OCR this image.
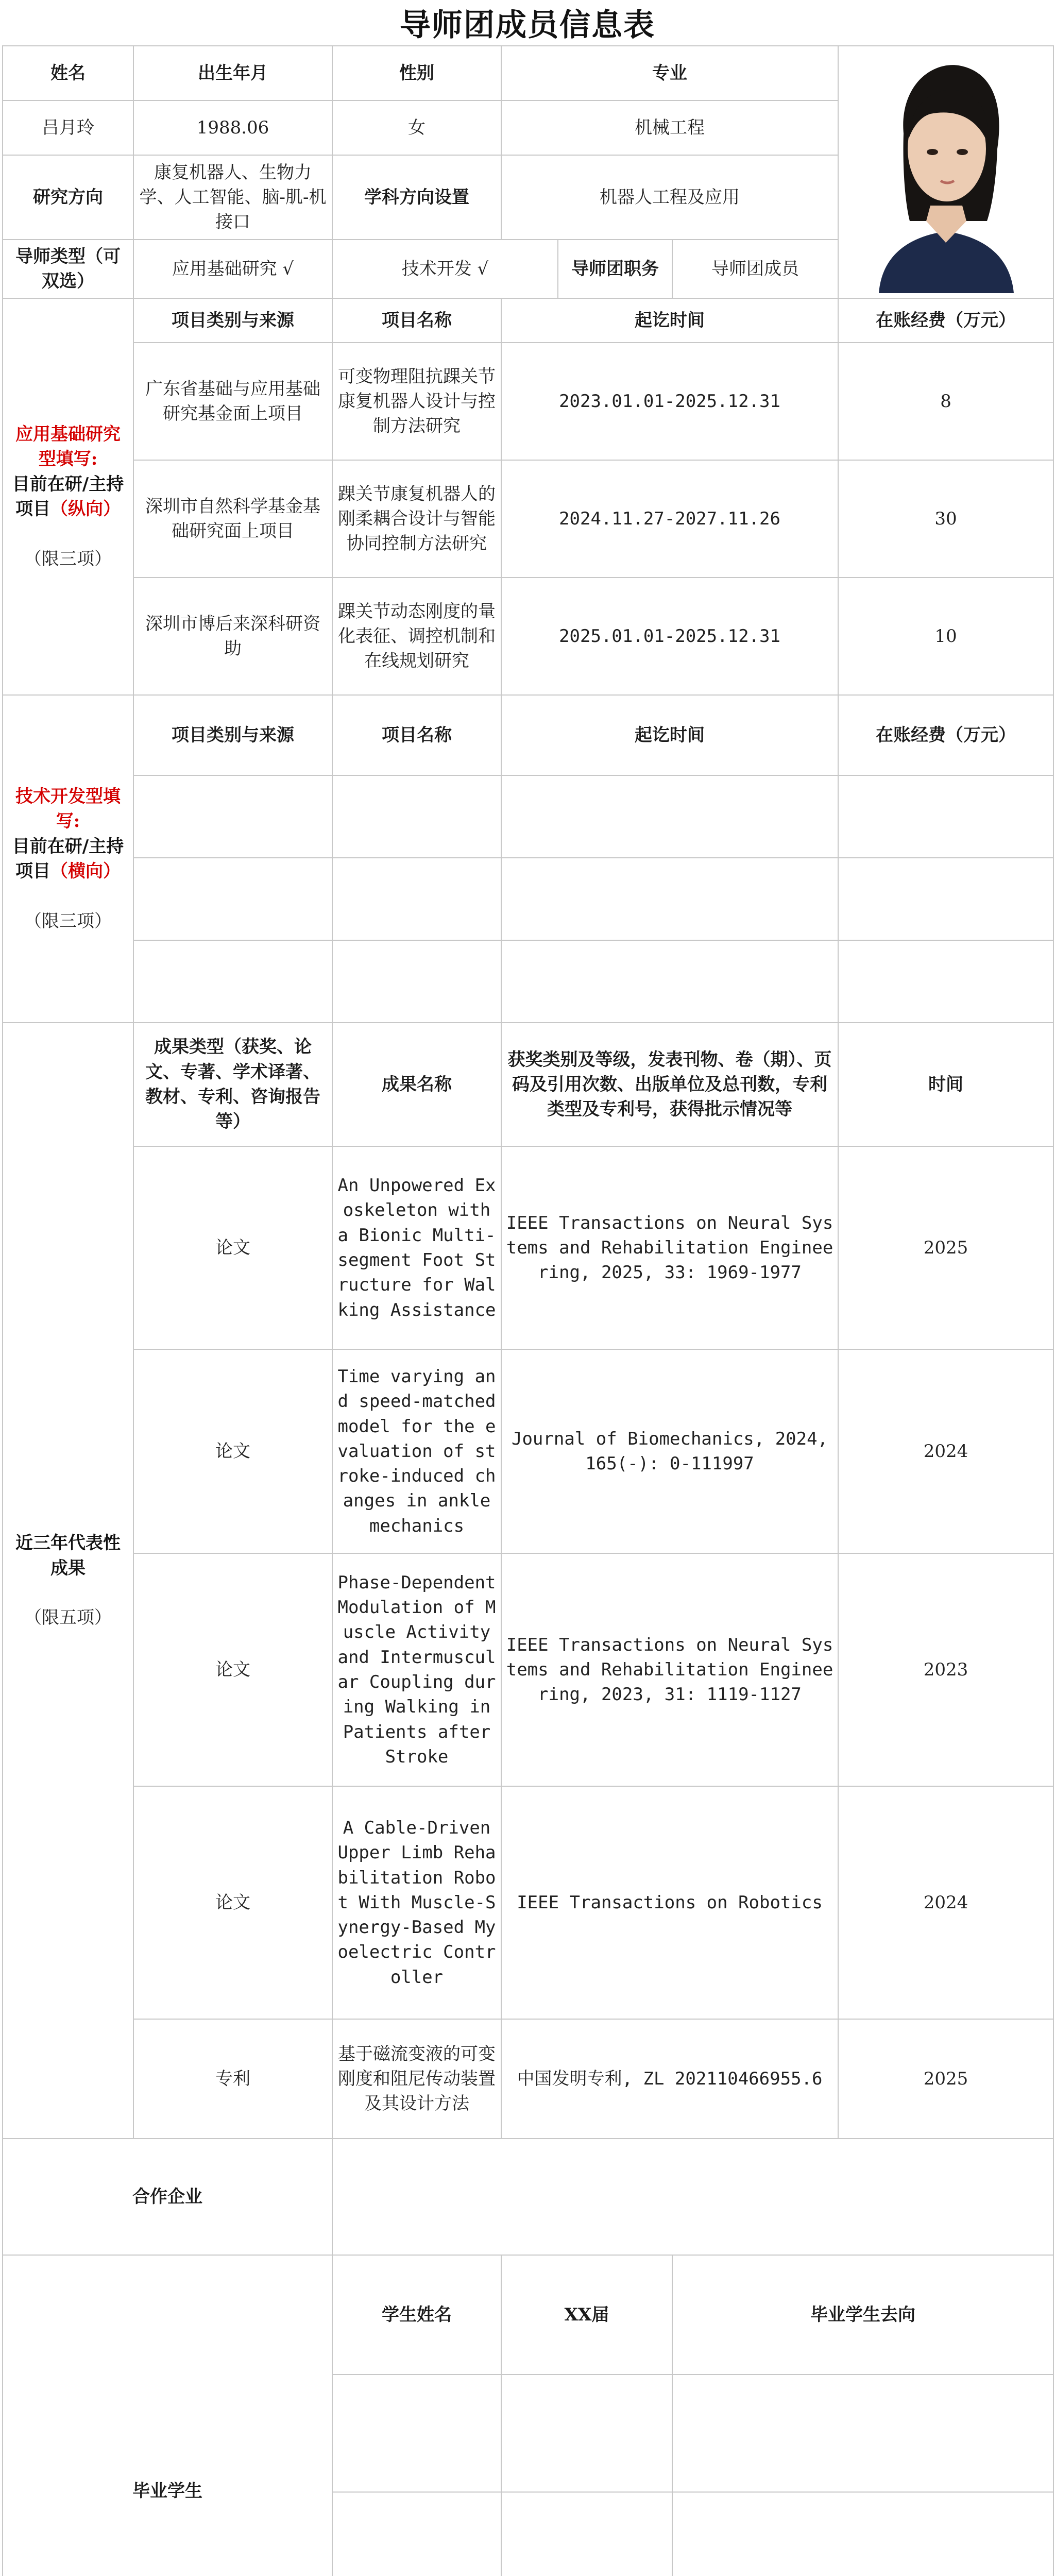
导师团成员信息表
姓名	出生年月	性别	专业	

吕月玲	1988.06	女	机械工程			
研究方向	康复机器人、生物力学、人工智能、脑-肌-机接口	学科方向设置	机器人工程及应用			
导师类型（可双选）	应用基础研究 √	技术开发 √		导师团职务	导师团成员	
应用基础研究型填写:
目前在研/主持项目（纵向）

（限三项）	项目类别与来源	项目名称	起讫时间			在账经费（万元）
	广东省基础与应用基础研究基金面上项目	可变物理阻抗踝关节康复机器人设计与控制方法研究	2023.01.01-2025.12.31			8
	深圳市自然科学基金基础研究面上项目	踝关节康复机器人的刚柔耦合设计与智能协同控制方法研究	2024.11.27-2027.11.26			30
	深圳市博后来深科研资助	踝关节动态刚度的量化表征、调控机制和在线规划研究	2025.01.01-2025.12.31			10
技术开发型填写:
目前在研/主持项目（横向）

（限三项）	项目类别与来源	项目名称	起讫时间			在账经费（万元）

近三年代表性成果

（限五项）	成果类型（获奖、论文、专著、学术译著、教材、专利、咨询报告等）	成果名称	获奖类别及等级，发表刊物、卷（期）、页码及引用次数、出版单位及总刊数，专利类型及专利号，获得批示情况等			时间
	论文	An Unpowered Exoskeleton with a Bionic Multi-segment Foot Structure for Walking Assistance	IEEE Transactions on Neural Systems and Rehabilitation Engineering, 2025, 33: 1969-1977			2025
	论文	Time varying and speed-matched model for the evaluation of stroke-induced changes in ankle mechanics	Journal of Biomechanics, 2024, 165(-): 0-111997			2024
	论文	Phase-Dependent Modulation of Muscle Activity and Intermuscular Coupling during Walking in Patients after Stroke	IEEE Transactions on Neural Systems and Rehabilitation Engineering, 2023, 31: 1119-1127			2023
	论文	A Cable-Driven Upper Limb Rehabilitation Robot With Muscle-Synergy-Based Myoelectric Controller	IEEE Transactions on Robotics			2024
	专利	基于磁流变液的可变刚度和阻尼传动装置及其设计方法	中国发明专利, ZL 202110466955.6			2025
合作企业						
毕业学生		学生姓名	XX届		毕业学生去向	
